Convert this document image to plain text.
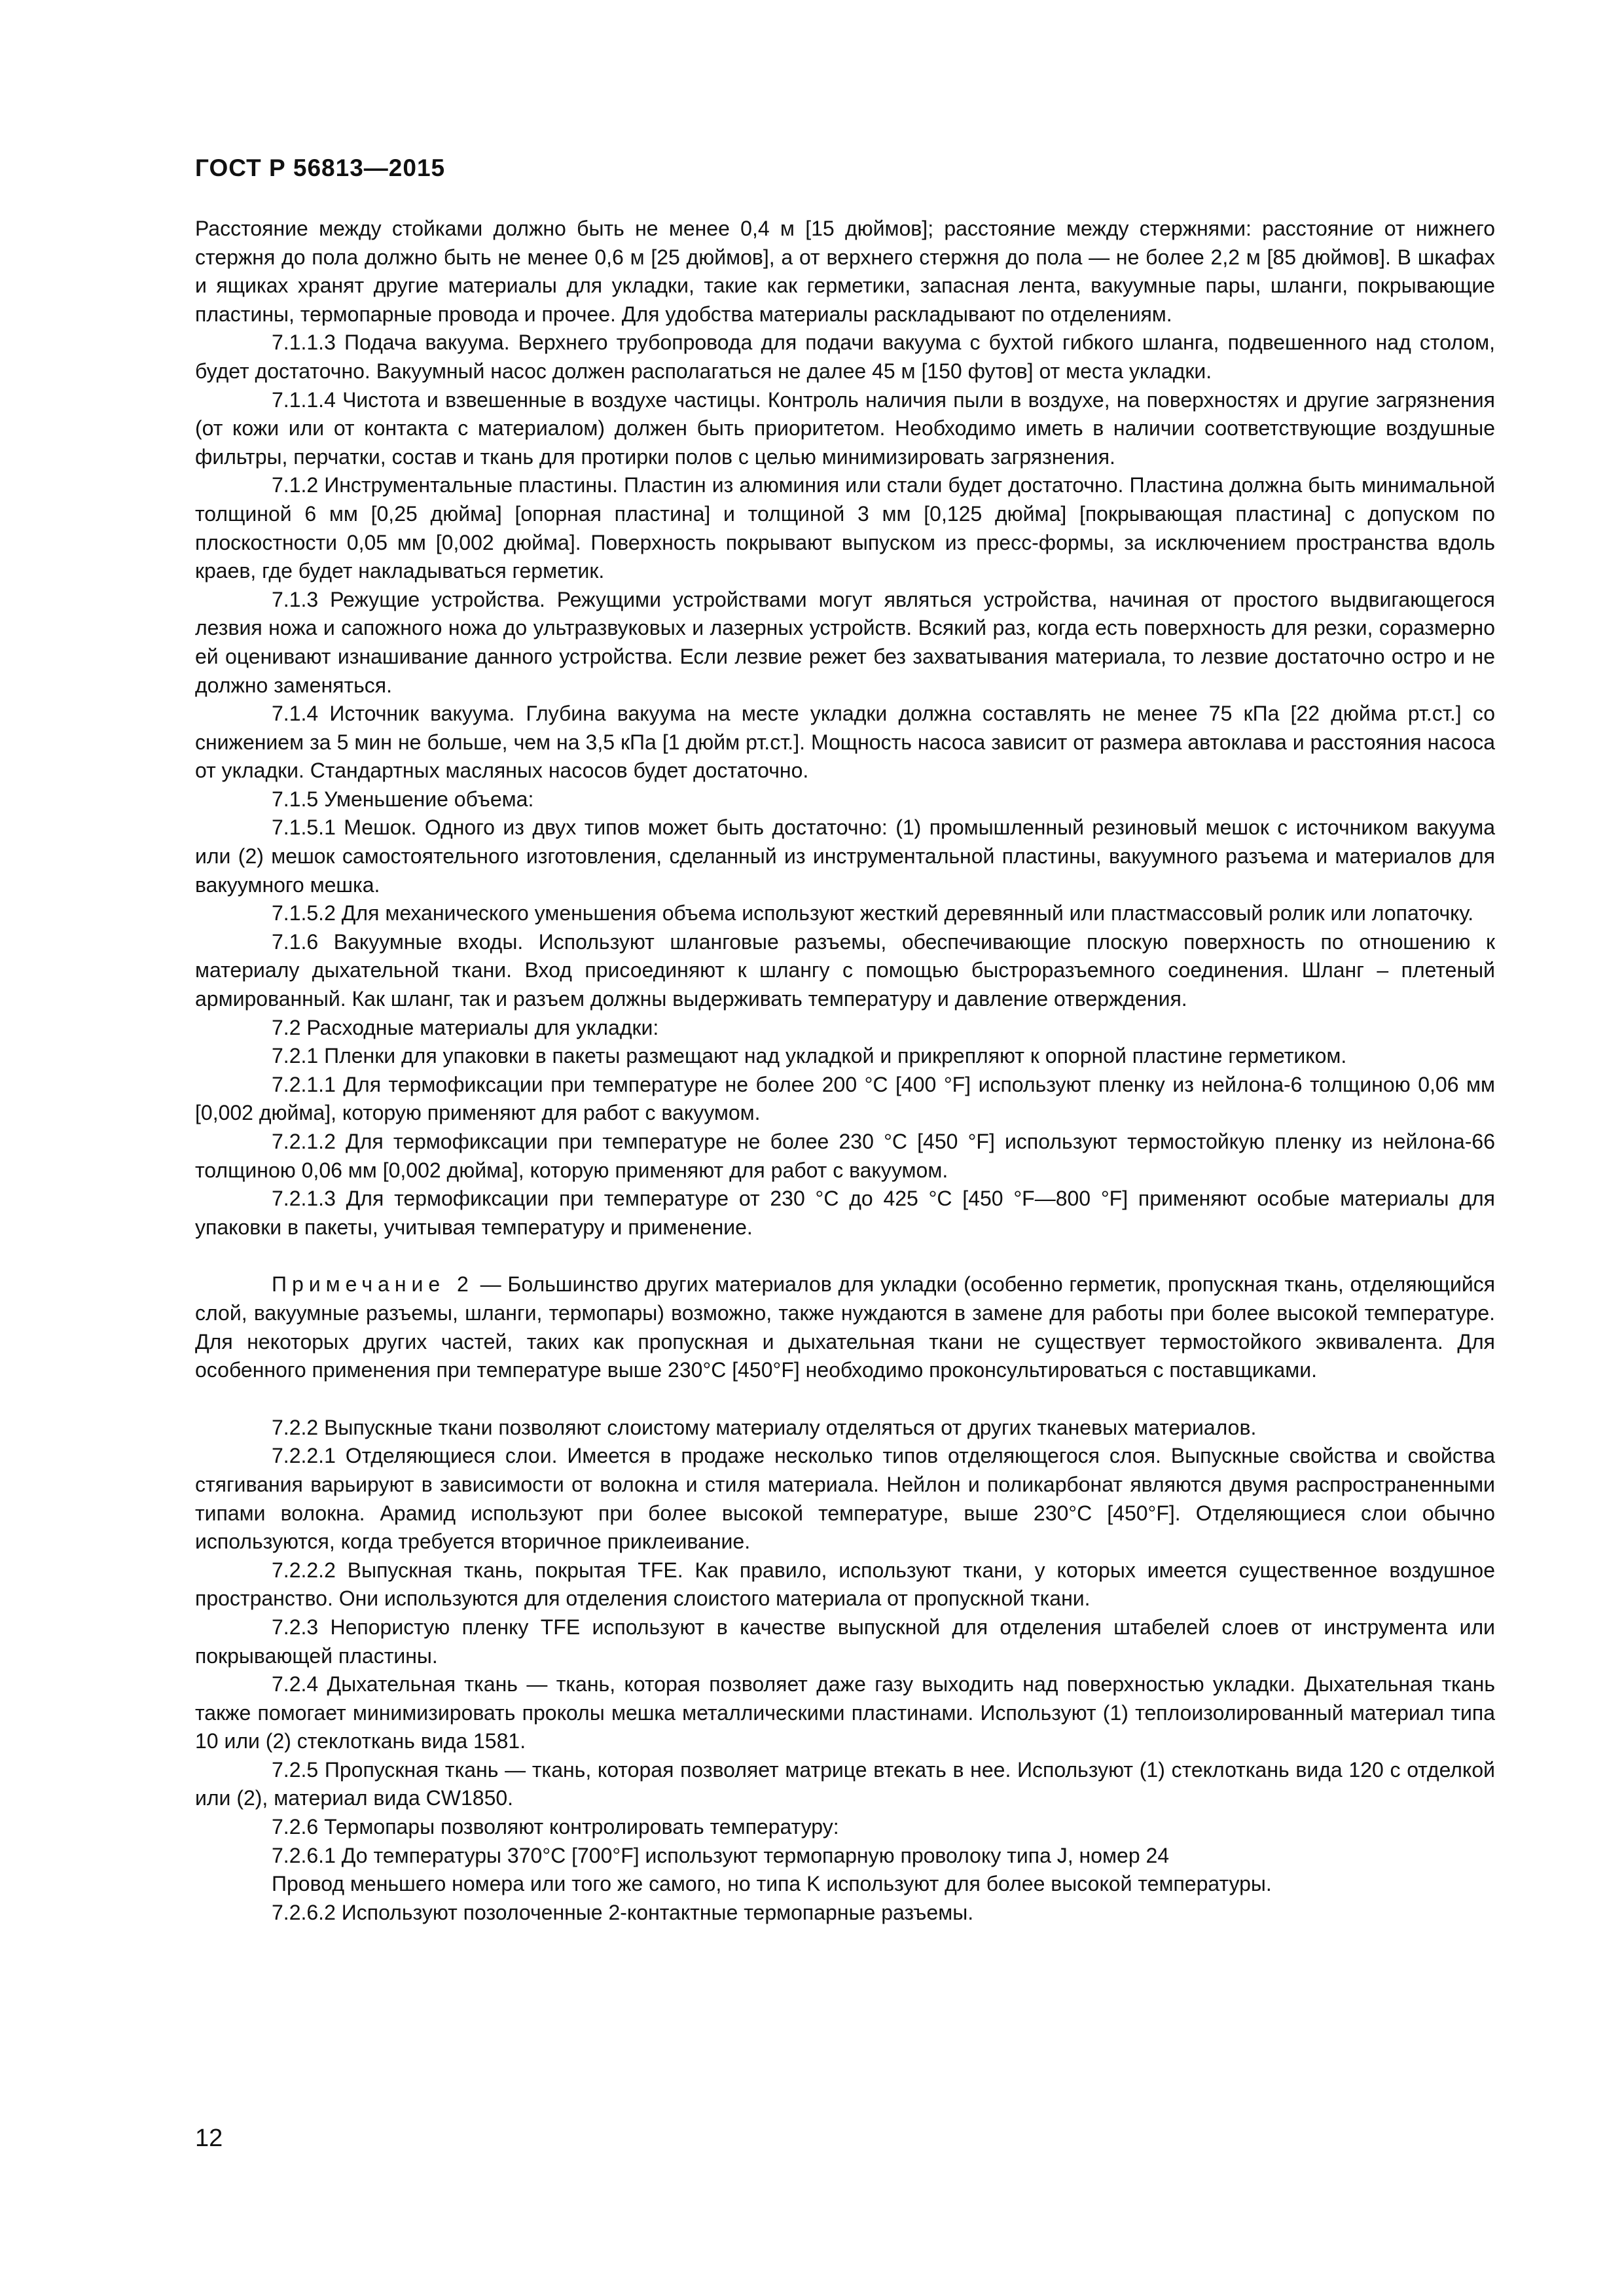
ГОСТ Р 56813—2015

Расстояние между стойками должно быть не менее 0,4 м [15 дюймов]; расстояние между стержнями: расстояние от нижнего стержня до пола должно быть не менее 0,6 м [25 дюймов], а от верхнего стержня до пола — не более 2,2 м [85 дюймов]. В шкафах и ящиках хранят другие материалы для укладки, такие как герметики, запасная лента, вакуумные пары, шланги, покрывающие пластины, термопарные провода и прочее. Для удобства материалы раскладывают по отделениям.

7.1.1.3 Подача вакуума. Верхнего трубопровода для подачи вакуума с бухтой гибкого шланга, подвешенного над столом, будет достаточно. Вакуумный насос должен располагаться не далее 45 м [150 футов] от места укладки.

7.1.1.4 Чистота и взвешенные в воздухе частицы. Контроль наличия пыли в воздухе, на поверхностях и другие загрязнения (от кожи или от контакта с материалом) должен быть приоритетом. Необходимо иметь в наличии соответствующие воздушные фильтры, перчатки, состав и ткань для протирки полов с целью минимизировать загрязнения.

7.1.2 Инструментальные пластины. Пластин из алюминия или стали будет достаточно. Пластина должна быть минимальной толщиной 6 мм [0,25 дюйма] [опорная пластина] и толщиной 3 мм [0,125 дюйма] [покрывающая пластина] с допуском по плоскостности 0,05 мм [0,002 дюйма]. Поверхность покрывают выпуском из пресс-формы, за исключением пространства вдоль краев, где будет накладываться герметик.

7.1.3 Режущие устройства. Режущими устройствами могут являться устройства, начиная от простого выдвигающегося лезвия ножа и сапожного ножа до ультразвуковых и лазерных устройств. Всякий раз, когда есть поверхность для резки, соразмерно ей оценивают изнашивание данного устройства. Если лезвие режет без захватывания материала, то лезвие достаточно остро и не должно заменяться.

7.1.4 Источник вакуума. Глубина вакуума на месте укладки должна составлять не менее 75 кПа [22 дюйма рт.ст.] со снижением за 5 мин не больше, чем на 3,5 кПа [1 дюйм рт.ст.]. Мощность насоса зависит от размера автоклава и расстояния насоса от укладки. Стандартных масляных насосов будет достаточно.

7.1.5 Уменьшение объема:

7.1.5.1 Мешок. Одного из двух типов может быть достаточно: (1) промышленный резиновый мешок с источником вакуума или (2) мешок самостоятельного изготовления, сделанный из инструментальной пластины, вакуумного разъема и материалов для вакуумного мешка.

7.1.5.2 Для механического уменьшения объема используют жесткий деревянный или пластмассовый ролик или лопаточку.

7.1.6 Вакуумные входы. Используют шланговые разъемы, обеспечивающие плоскую поверхность по отношению к материалу дыхательной ткани. Вход присоединяют к шлангу с помощью быстроразъемного соединения. Шланг – плетеный армированный. Как шланг, так и разъем должны выдерживать температуру и давление отверждения.

7.2 Расходные материалы для укладки:

7.2.1 Пленки для упаковки в пакеты размещают над укладкой и прикрепляют к опорной пластине герметиком.

7.2.1.1 Для термофиксации при температуре не более 200 °C [400 °F] используют пленку из нейлона-6 толщиною 0,06 мм [0,002 дюйма], которую применяют для работ с вакуумом.

7.2.1.2 Для термофиксации при температуре не более 230 °C [450 °F] используют термостойкую пленку из нейлона-66 толщиною 0,06 мм [0,002 дюйма], которую применяют для работ с вакуумом.

7.2.1.3 Для термофиксации при температуре от 230 °C до 425 °C [450 °F—800 °F] применяют особые материалы для упаковки в пакеты, учитывая температуру и применение.

Примечание 2 — Большинство других материалов для укладки (особенно герметик, пропускная ткань, отделяющийся слой, вакуумные разъемы, шланги, термопары) возможно, также нуждаются в замене для работы при более высокой температуре. Для некоторых других частей, таких как пропускная и дыхательная ткани не существует термостойкого эквивалента. Для особенного применения при температуре выше 230°С [450°F] необходимо проконсультироваться с поставщиками.

7.2.2 Выпускные ткани позволяют слоистому материалу отделяться от других тканевых материалов.

7.2.2.1 Отделяющиеся слои. Имеется в продаже несколько типов отделяющегося слоя. Выпускные свойства и свойства стягивания варьируют в зависимости от волокна и стиля материала. Нейлон и поликарбонат являются двумя распространенными типами волокна. Арамид используют при более высокой температуре, выше 230°С [450°F]. Отделяющиеся слои обычно используются, когда требуется вторичное приклеивание.

7.2.2.2 Выпускная ткань, покрытая TFE. Как правило, используют ткани, у которых имеется существенное воздушное пространство. Они используются для отделения слоистого материала от пропускной ткани.

7.2.3 Непористую пленку TFE используют в качестве выпускной для отделения штабелей слоев от инструмента или покрывающей пластины.

7.2.4 Дыхательная ткань — ткань, которая позволяет даже газу выходить над поверхностью укладки. Дыхательная ткань также помогает минимизировать проколы мешка металлическими пластинами. Используют (1) теплоизолированный материал типа 10 или (2) стеклоткань вида 1581.

7.2.5 Пропускная ткань — ткань, которая позволяет матрице втекать в нее. Используют (1) стеклоткань вида 120 с отделкой или (2), материал вида CW1850.

7.2.6 Термопары позволяют контролировать температуру:

7.2.6.1 До температуры 370°С [700°F] используют термопарную проволоку типа J, номер 24

Провод меньшего номера или того же самого, но типа K используют для более высокой температуры.

7.2.6.2 Используют позолоченные 2-контактные термопарные разъемы.

12
